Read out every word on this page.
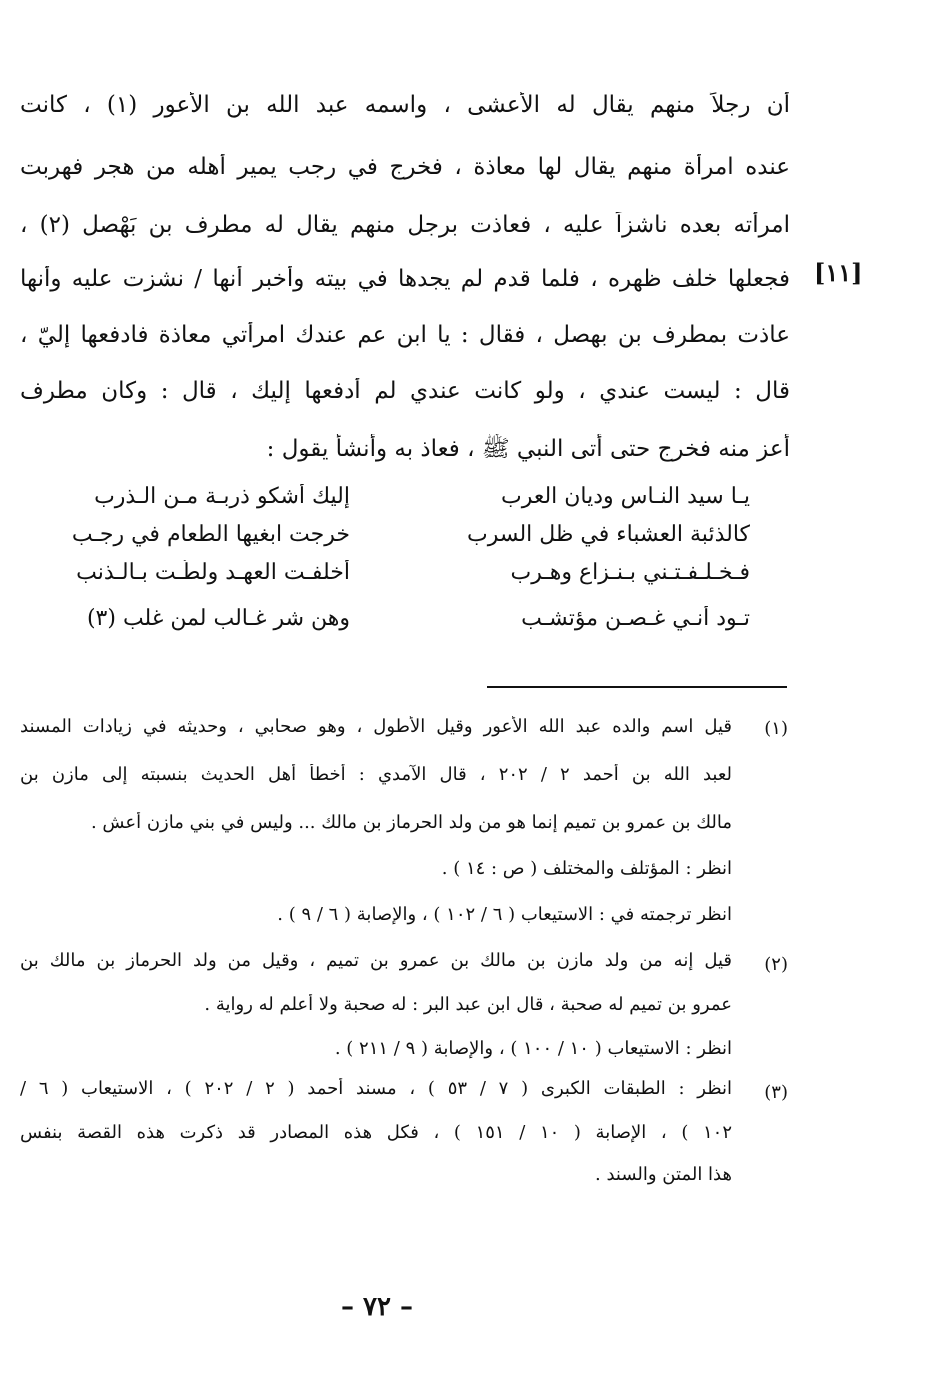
أن رجلاً منهم يقال له الأعشى ، واسمه عبد الله بن الأعور (١) ، كانت
عنده امرأة منهم يقال لها معاذة ، فخرج في رجب يمير أهله من هجر فهربت
امرأته بعده ناشزاً عليه ، فعاذت برجل منهم يقال له مطرف بن بَهْصل (٢) ،
فجعلها خلف ظهره ، فلما قدم لم يجدها في بيته وأخبر أنها / نشزت عليه وأنها
عاذت بمطرف بن بهصل ، فقال : يا ابن عم عندك امرأتي معاذة فادفعها إليّ ،
قال : ليست عندي ، ولو كانت عندي لم أدفعها إليك ، قال : وكان مطرف
أعز منه فخرج حتى أتى النبي ﷺ ، فعاذ به وأنشأ يقول :
[۱۱]
يـا سيد النـاس وديان العرب
إليك أشكو ذربـة مـن الـذرب
كالذئبة العشباء في ظل السرب
خرجت ابغيها الطعام في رجـب
فـخـلـفـتـني بـنـزاع وهـرب
أخلفـت العهـد ولطّـت بـالـذنب
تـود أنـي غـصـن مؤتشـب
وهن شر غـالب لمن غلب (٣)
(١)
قيل اسم والده عبد الله الأعور وقيل الأطول ، وهو صحابي ، وحديثه في زيادات المسند
لعبد الله بن أحمد ٢ / ٢٠٢ ، قال الآمدي : أخطأ أهل الحديث بنسبته إلى مازن بن
مالك بن عمرو بن تميم إنما هو من ولد الحرماز بن مالك ... وليس في بني مازن أعش .
انظر : المؤتلف والمختلف ( ص : ١٤ ) .
انظر ترجمته في : الاستيعاب ( ٦ / ١٠٢ ) ، والإصابة ( ٦ / ٩ ) .
(٢)
قيل إنه من ولد مازن بن مالك بن عمرو بن تميم ، وقيل من ولد الحرماز بن مالك بن
عمرو بن تميم له صحبة ، قال ابن عبد البر : له صحبة ولا أعلم له رواية .
انظر : الاستيعاب ( ١٠ / ١٠٠ ) ، والإصابة ( ٩ / ٢١١ ) .
(٣)
انظر : الطبقات الكبرى ( ٧ / ٥٣ ) ، مسند أحمد ( ٢ / ٢٠٢ ) ، الاستيعاب ( ٦ /
١٠٢ ) ، الإصابة ( ١٠ / ١٥١ ) ، فكل هذه المصادر قد ذكرت هذه القصة بنفس
هذا المتن والسند .
– ٧٢ –
